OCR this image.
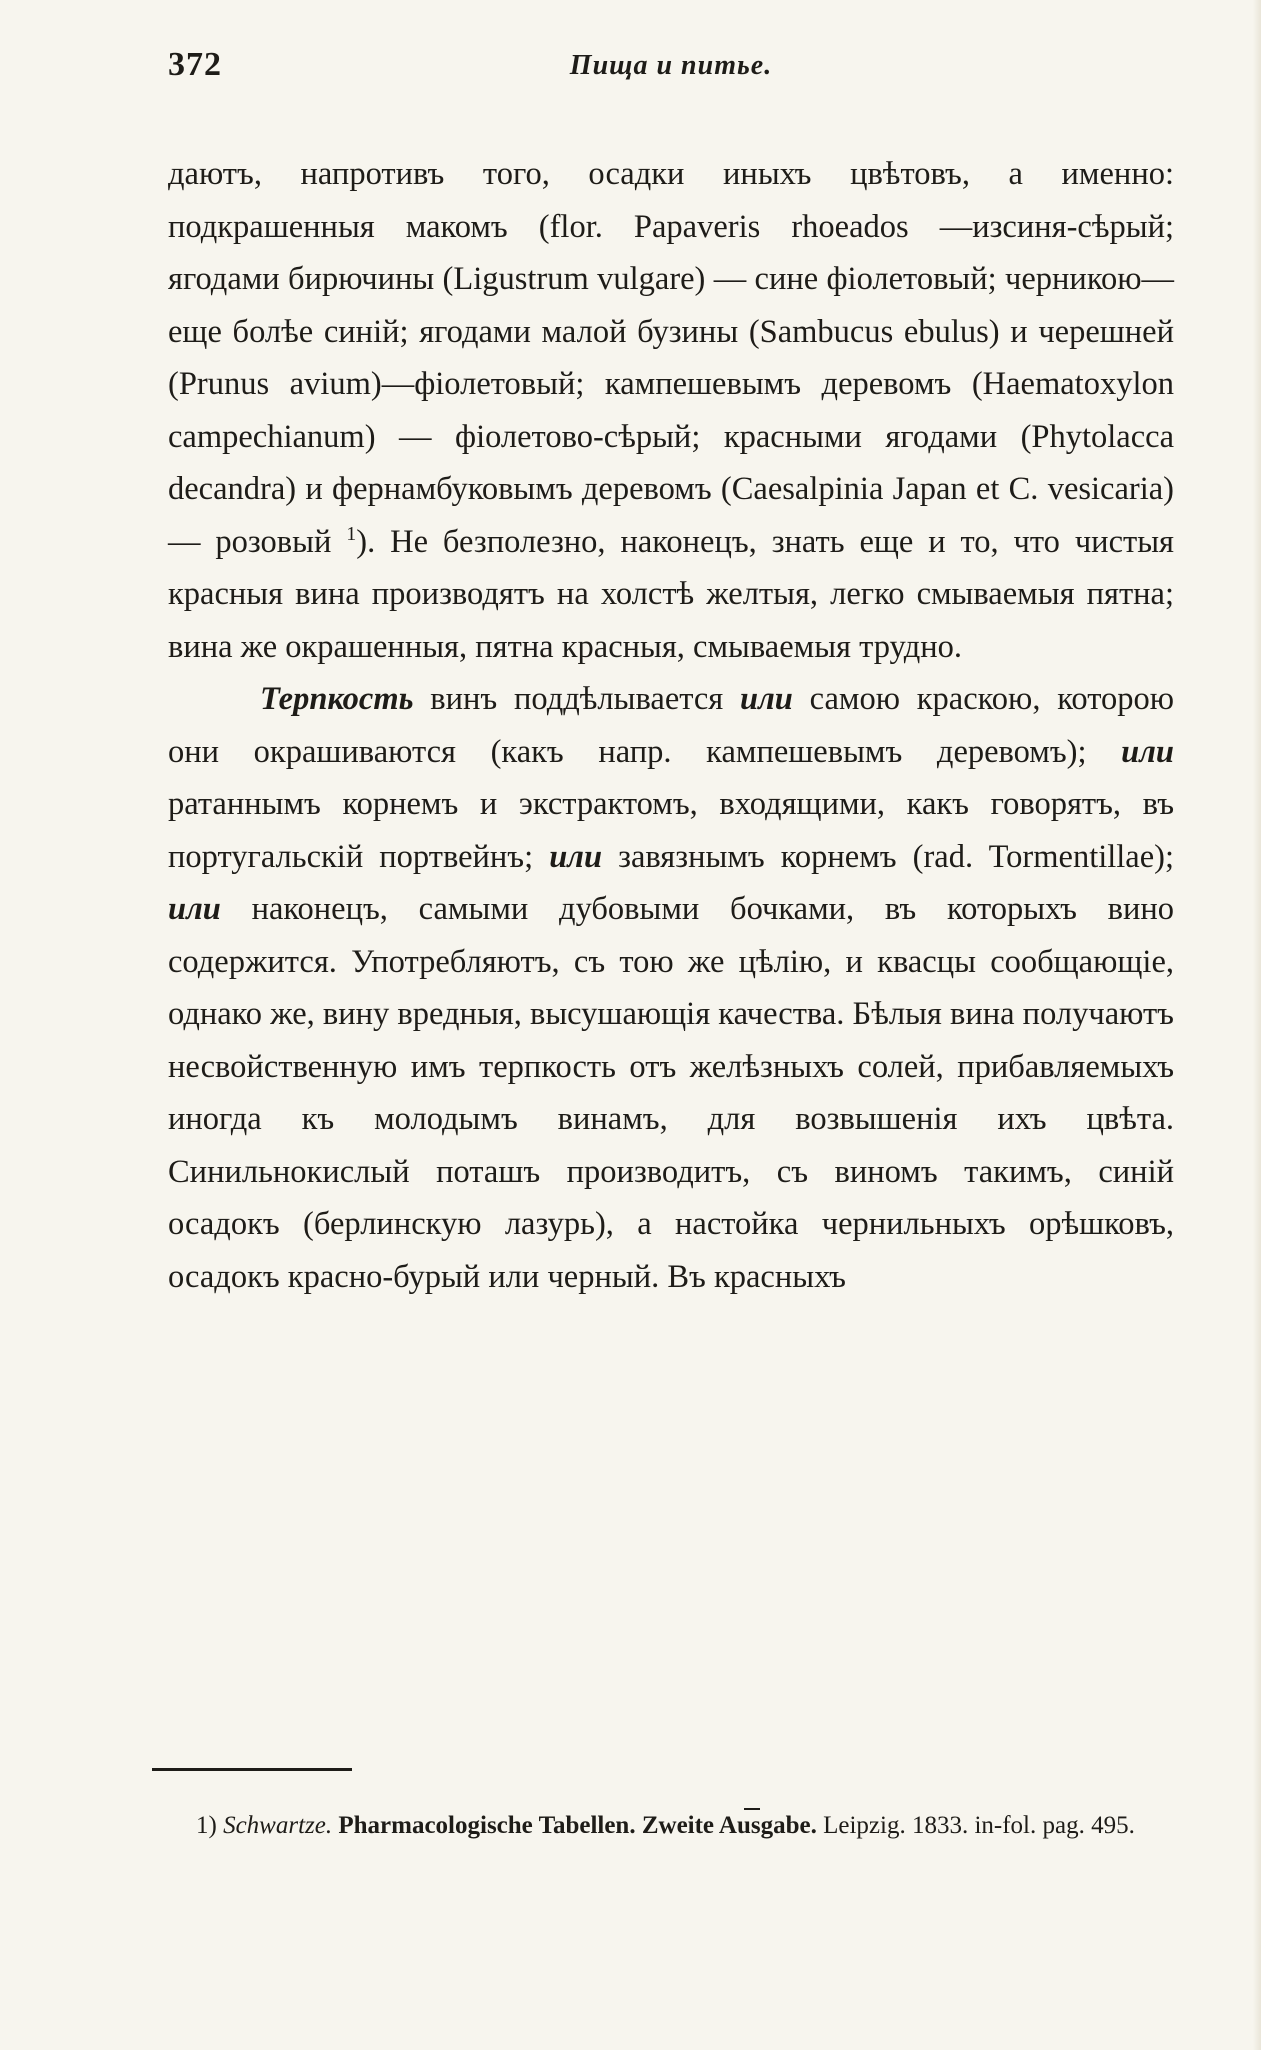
372	Пища и питье.

даютъ, напротивъ того, осадки иныхъ цвѣтовъ, а именно: подкрашенныя макомъ (flor. Papaveris rhoeados —изсиня-сѣрый; ягодами бирючины (Ligustrum vulgare) — сине фіолетовый; черникою—еще болѣе синій; ягодами малой бузины (Sambucus ebulus) и черешней (Prunus avium)—фіолетовый; кампешевымъ деревомъ (Haematoxylon campechianum) — фіолетово-сѣрый; красными ягодами (Phytolacca decandra) и фернамбуковымъ деревомъ (Caesalpinia Japan et C. vesicaria) — розовый $^1$). Не безполезно, наконецъ, знать еще и то, что чистыя красныя вина производятъ на холстѣ желтыя, легко смываемыя пятна; вина же окрашенныя, пятна красныя, смываемыя трудно.

Терпкость винъ поддѣлывается или самою краскою, которою они окрашиваются (какъ напр. кампешевымъ деревомъ); или ратаннымъ корнемъ и экстрактомъ, входящими, какъ говорятъ, въ португальскій портвейнъ; или завязнымъ корнемъ (rad. Tormentillae); или наконецъ, самыми дубовыми бочками, въ которыхъ вино содержится. Употребляютъ, съ тою же цѣлію, и квасцы сообщающіе, однако же, вину вредныя, высушающія качества. Бѣлыя вина получаютъ несвойственную имъ терпкость отъ желѣзныхъ солей, прибавляемыхъ иногда къ молодымъ винамъ, для возвышенія ихъ цвѣта. Синильнокислый поташъ производитъ, съ виномъ такимъ, синій осадокъ (берлинскую лазурь), а настойка чернильныхъ орѣшковъ, осадокъ красно-бурый или черный. Въ красныхъ

1) Schwartze. Pharmacologische Tabellen. Zweite Ausgabe. Leipzig. 1833. in-fol. pag. 495.
